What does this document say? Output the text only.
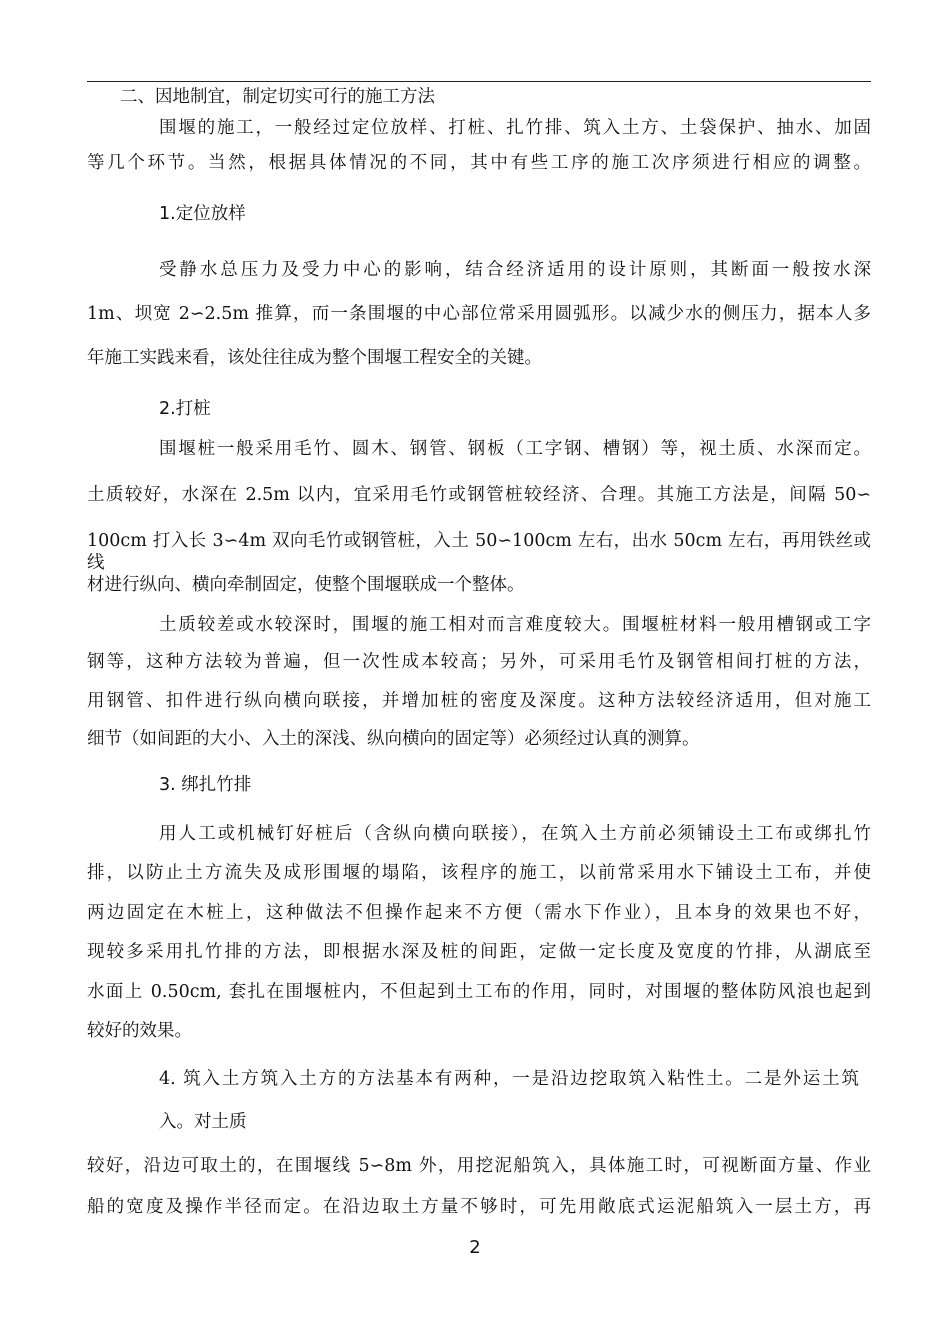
二、因地制宜，制定切实可行的施工方法
围堰的施工，一般经过定位放样、打桩、扎竹排、筑入土方、土袋保护、抽水、加固
等几个环节。当然，根据具体情况的不同，其中有些工序的施工次序须进行相应的调整。
1.定位放样
受静水总压力及受力中心的影响，结合经济适用的设计原则，其断面一般按水深
1m、坝宽 2∽2.5m 推算，而一条围堰的中心部位常采用圆弧形。以减少水的侧压力，据本人多
年施工实践来看，该处往往成为整个围堰工程安全的关键。
2.打桩
围堰桩一般采用毛竹、圆木、钢管、钢板（工字钢、槽钢）等，视土质、水深而定。
土质较好，水深在 2.5m 以内，宜采用毛竹或钢管桩较经济、合理。其施工方法是，间隔 50∽
100cm 打入长 3∽4m 双向毛竹或钢管桩，入土 50∽100cm 左右，出水 50cm 左右，再用铁丝或线
材进行纵向、横向牵制固定，使整个围堰联成一个整体。
土质较差或水较深时，围堰的施工相对而言难度较大。围堰桩材料一般用槽钢或工字
钢等，这种方法较为普遍，但一次性成本较高；另外，可采用毛竹及钢管相间打桩的方法，
用钢管、扣件进行纵向横向联接，并增加桩的密度及深度。这种方法较经济适用，但对施工
细节（如间距的大小、入土的深浅、纵向横向的固定等）必须经过认真的测算。
3. 绑扎竹排
用人工或机械钉好桩后（含纵向横向联接），在筑入土方前必须铺设土工布或绑扎竹
排，以防止土方流失及成形围堰的塌陷，该程序的施工，以前常采用水下铺设土工布，并使
两边固定在木桩上，这种做法不但操作起来不方便（需水下作业），且本身的效果也不好，
现较多采用扎竹排的方法，即根据水深及桩的间距，定做一定长度及宽度的竹排，从湖底至
水面上 0.50cm, 套扎在围堰桩内，不但起到土工布的作用，同时，对围堰的整体防风浪也起到
较好的效果。
4. 筑入土方筑入土方的方法基本有两种，一是沿边挖取筑入粘性土。二是外运土筑
入。对土质
较好，沿边可取土的，在围堰线 5∽8m 外，用挖泥船筑入，具体施工时，可视断面方量、作业
船的宽度及操作半径而定。在沿边取土方量不够时，可先用敞底式运泥船筑入一层土方，再
2
